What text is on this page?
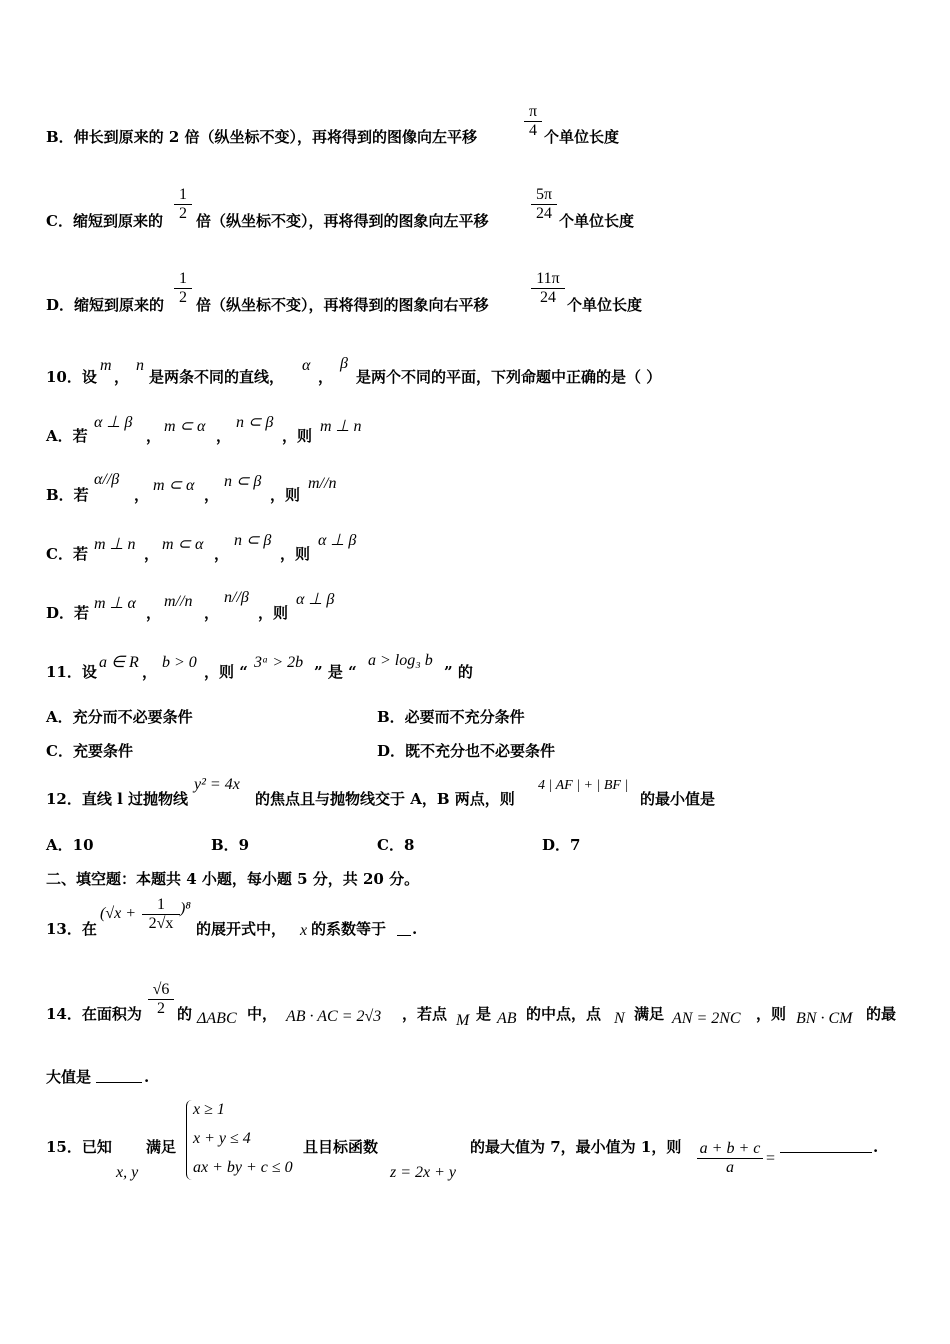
B．伸长到原来的 2 倍（纵坐标不变），再将得到的图像向左平移
π
4 个单位长度
C．缩短到原来的
1
2 倍（纵坐标不变），再将得到的图象向左平移
5π
24 个单位长度
D．缩短到原来的
1
2 倍（纵坐标不变），再将得到的图象向右平移
11π
24 个单位长度
10．设
m
，
n
是两条不同的直线，
α
，
β
是两个不同的平面，下列命题中正确的是（ ）
A．若
α ⊥ β
，
m ⊂ α
，
n ⊂ β
，则
m ⊥ n
B．若
α//β
，
m ⊂ α
，
n ⊂ β
，则
m//n
C．若
m ⊥ n
，
m ⊂ α
，
n ⊂ β
，则
α ⊥ β
D．若
m ⊥ α
，
m//n
，
n//β
，则
α ⊥ β
11．设
a ∈ R
，
b > 0
，则 “
3ᵃ > 2b
” 是 “
a > log₃ b
” 的
A．充分而不必要条件	B．必要而不充分条件
C．充要条件	D．既不充分也不必要条件
12．直线 l 过抛物线
y² = 4x
的焦点且与抛物线交于 A，B 两点，则
4 | AF | + | BF |
的最小值是
A．10	B．9	C．8	D．7
二、填空题：本题共 4 小题，每小题 5 分，共 20 分。
13．在
(√x +
1
2√x
)⁸
的展开式中， x 的系数等于 .
14．在面积为
√6
2 的 ΔABC 中， AB · AC = 2√3 ，若点 M 是 AB 的中点，点 N 满足 AN = 2NC ，则 BN · CM 的最
大值是	.
15．已知
x, y
满足
x ≥ 1
x + y ≤ 4
ax + by + c ≤ 0
且目标函数
z = 2x + y
的最大值为 7，最小值为 1，则 a + b + c
a
=
.
